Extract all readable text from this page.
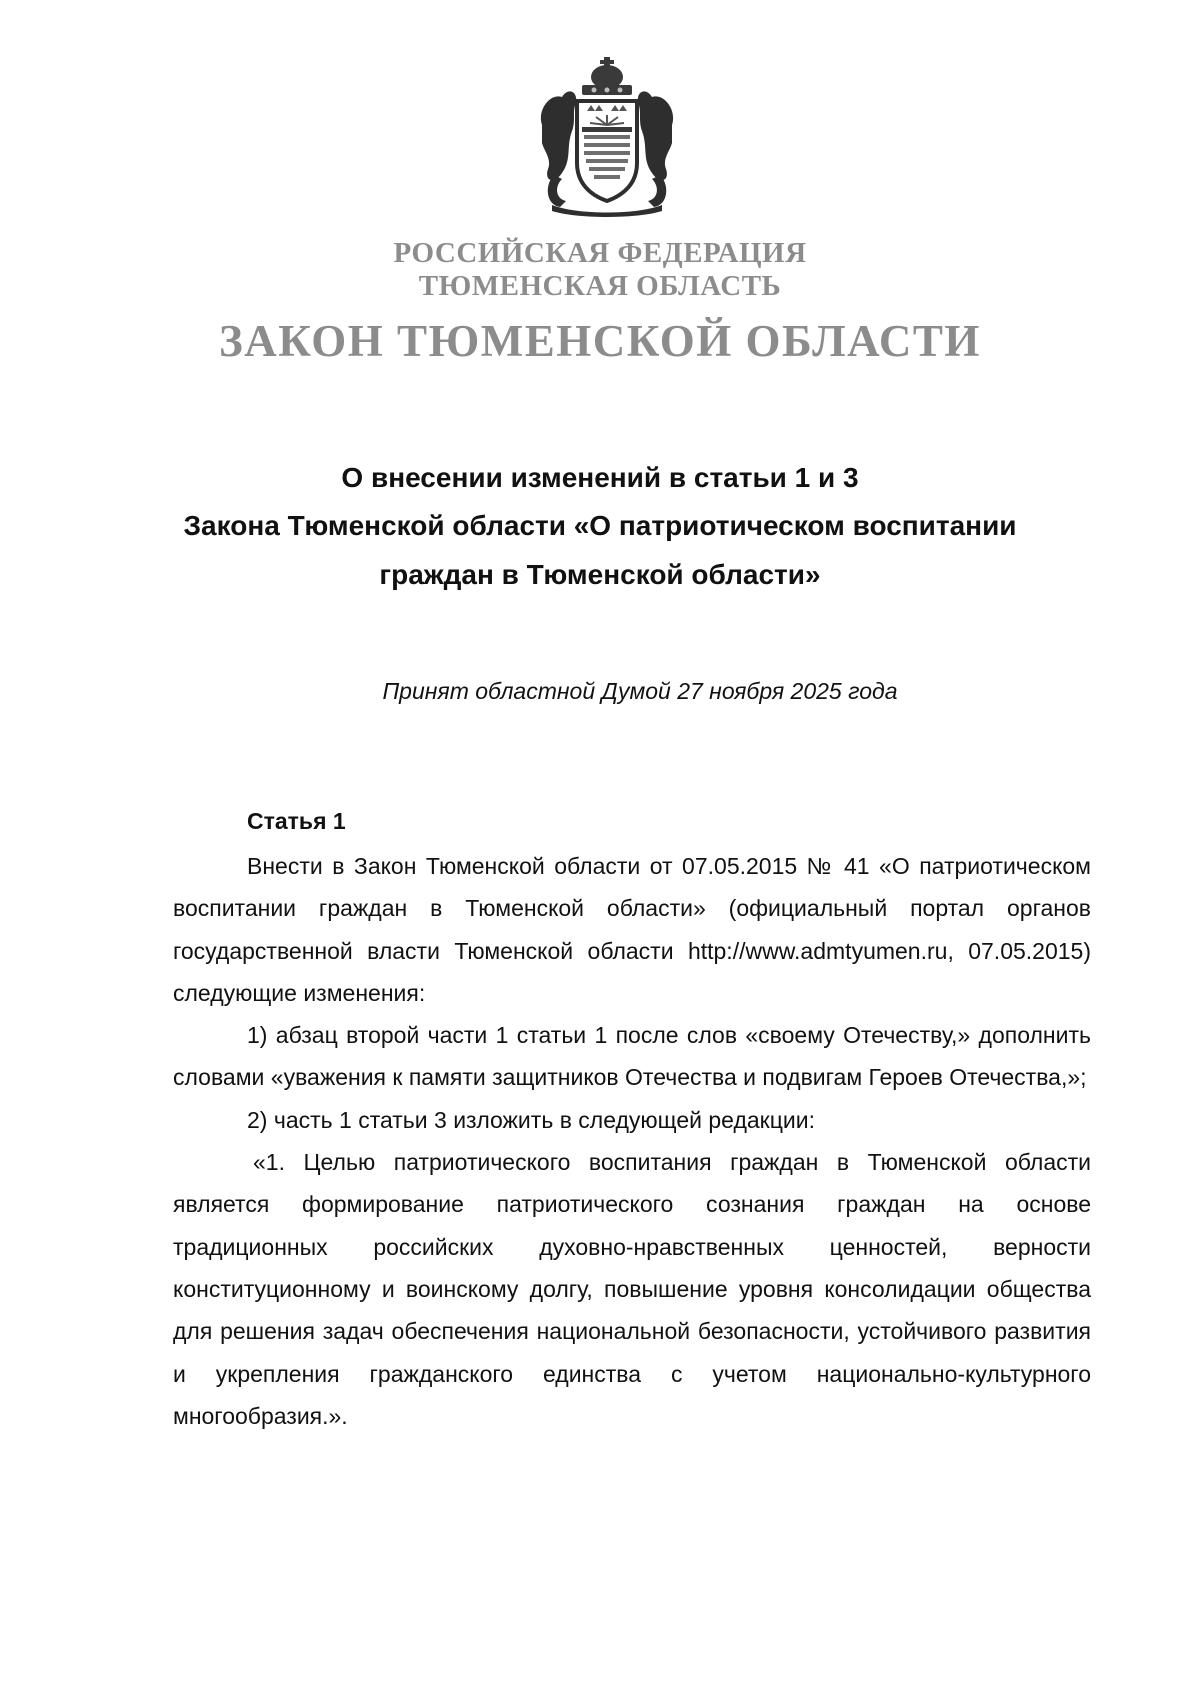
РОССИЙСКАЯ ФЕДЕРАЦИЯ
ТЮМЕНСКАЯ ОБЛАСТЬ
ЗАКОН ТЮМЕНСКОЙ ОБЛАСТИ
О внесении изменений в статьи 1 и 3
Закона Тюменской области «О патриотическом воспитании
граждан в Тюменской области»
Принят областной Думой 27 ноября 2025 года
Статья 1

Внести в Закон Тюменской области от 07.05.2015 № 41 «О патриотическом воспитании граждан в Тюменской области» (официальный портал органов государственной власти Тюменской области http://www.admtyumen.ru, 07.05.2015) следующие изменения:

1) абзац второй части 1 статьи 1 после слов «своему Отечеству,» дополнить словами «уважения к памяти защитников Отечества и подвигам Героев Отечества,»;

2) часть 1 статьи 3 изложить в следующей редакции:

«1. Целью патриотического воспитания граждан в Тюменской области является формирование патриотического сознания граждан на основе традиционных российских духовно-нравственных ценностей, верности конституционному и воинскому долгу, повышение уровня консолидации общества для решения задач обеспечения национальной безопасности, устойчивого развития и укрепления гражданского единства с учетом национально-культурного многообразия.».
